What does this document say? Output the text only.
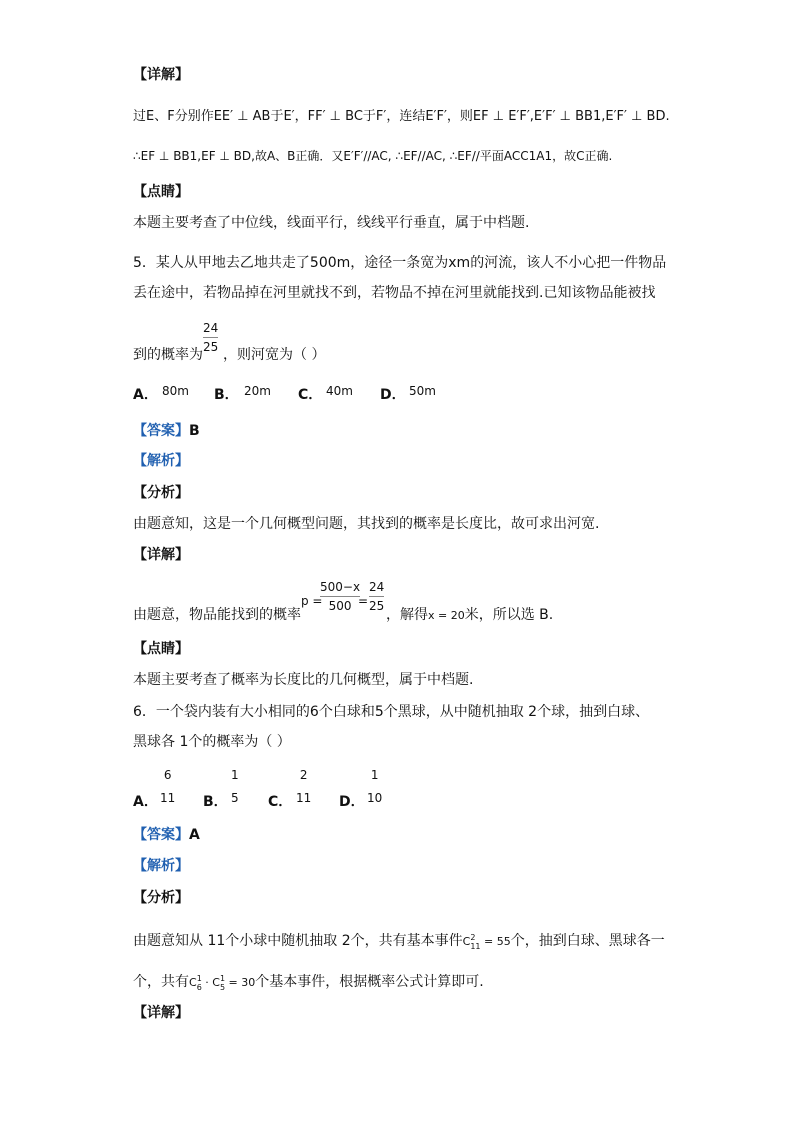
【详解】
过E、F分别作EE′ ⊥ AB于E′，FF′ ⊥ BC于F′，连结E′F′，则EF ⊥ E′F′,E′F′ ⊥ BB1,E′F′ ⊥ BD.
∴EF ⊥ BB1,EF ⊥ BD,故A、B正确．又E′F′//AC, ∴EF//AC, ∴EF//平面ACC1A1，故C正确.
【点睛】
本题主要考查了中位线，线面平行，线线平行垂直，属于中档题.
5．某人从甲地去乙地共走了500m，途径一条宽为xm的河流，该人不小心把一件物品
丢在途中，若物品掉在河里就找不到，若物品不掉在河里就能找到.已知该物品能被找
24
25
到的概率为 ，则河宽为（ ）
A． 80m B． 20m C． 40m D． 50m
【答案】B
【解析】
【分析】
由题意知，这是一个几何概型问题，其找到的概率是长度比，故可求出河宽.
【详解】
由题意，物品能找到的概率
p =
500−x
500 =
24
25
，解得x = 20米，所以选 B.
【点睛】
本题主要考查了概率为长度比的几何概型，属于中档题.
6．一个袋内装有大小相同的6个白球和5个黑球，从中随机抽取 2个球，抽到白球、
黑球各 1个的概率为（ ）
A．
6
11 B．
1
5 C．
2
11 D．
1
10
【答案】A
【解析】
【分析】
由题意知从 11个小球中随机抽取 2个，共有基本事件C 2
11 = 55个，抽到白球、黑球各一
个，共有C 1
6 · C 1
5 = 30个基本事件，根据概率公式计算即可.
【详解】
